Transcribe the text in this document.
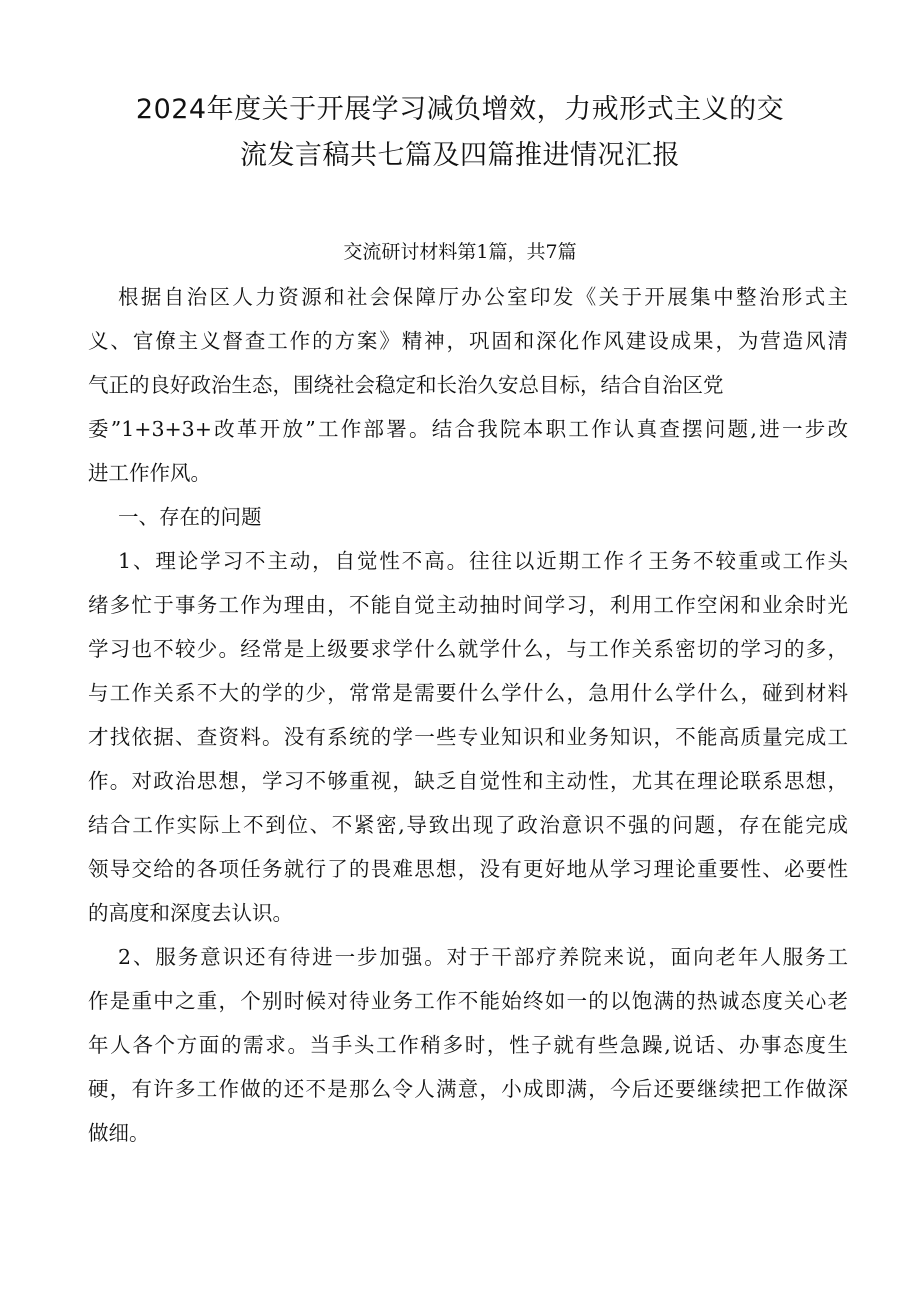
2024年度关于开展学习减负增效，力戒形式主义的交
流发言稿共七篇及四篇推进情况汇报
交流研讨材料第1篇，共7篇
根据自治区人力资源和社会保障厅办公室印发《关于开展集中整治形式主
义、官僚主义督查工作的方案》精神，巩固和深化作风建设成果，为营造风清
气正的良好政治生态，围绕社会稳定和长治久安总目标，结合自治区党
委”1+3+3+改革开放”工作部署。结合我院本职工作认真查摆问题,进一步改
进工作作风。
一、存在的问题
1、理论学习不主动，自觉性不高。往往以近期工作彳王务不较重或工作头
绪多忙于事务工作为理由，不能自觉主动抽时间学习，利用工作空闲和业余时光
学习也不较少。经常是上级要求学什么就学什么，与工作关系密切的学习的多，
与工作关系不大的学的少，常常是需要什么学什么，急用什么学什么，碰到材料
才找依据、查资料。没有系统的学一些专业知识和业务知识，不能高质量完成工
作。对政治思想，学习不够重视，缺乏自觉性和主动性，尤其在理论联系思想，
结合工作实际上不到位、不紧密,导致出现了政治意识不强的问题，存在能完成
领导交给的各项任务就行了的畏难思想，没有更好地从学习理论重要性、必要性
的高度和深度去认识。
2、服务意识还有待进一步加强。对于干部疗养院来说，面向老年人服务工
作是重中之重，个别时候对待业务工作不能始终如一的以饱满的热诚态度关心老
年人各个方面的需求。当手头工作稍多时，性子就有些急躁,说话、办事态度生
硬，有许多工作做的还不是那么令人满意，小成即满，今后还要继续把工作做深
做细。
